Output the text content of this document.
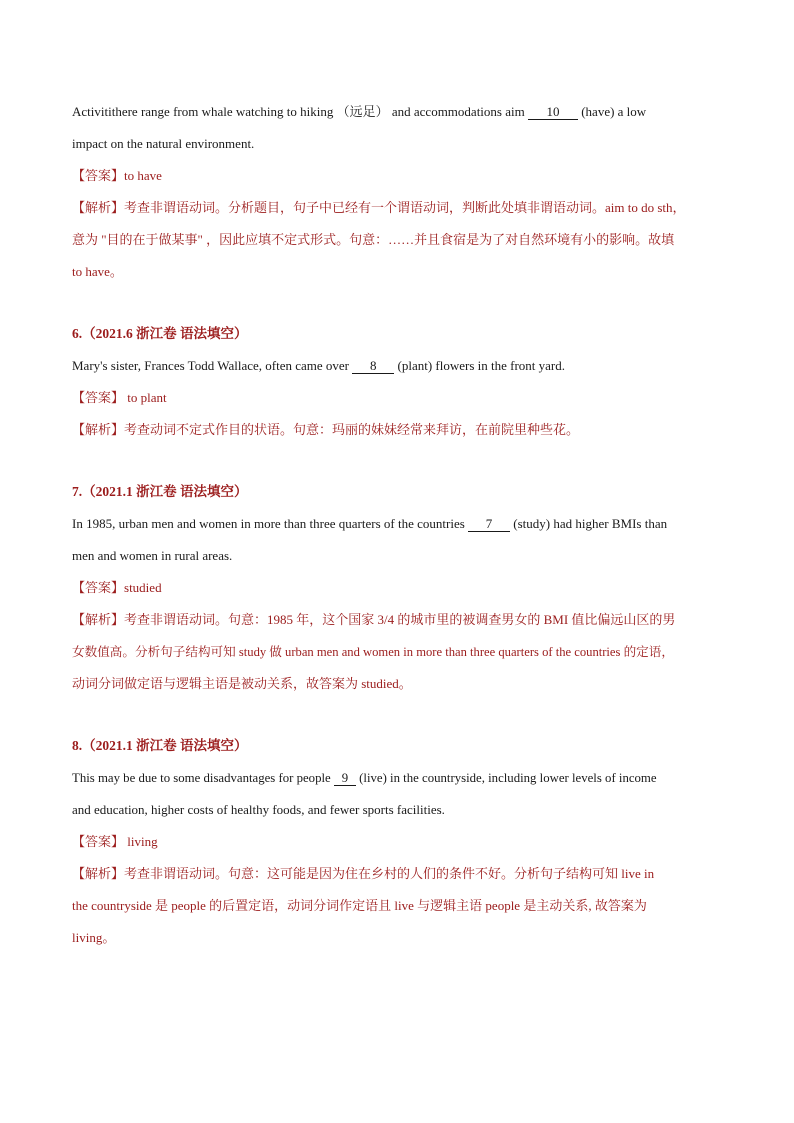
Activitithere range from whale watching to hiking （远足） and accommodations aim 10 (have) a low
impact on the natural environment.
【答案】to have
【解析】考查非谓语动词。分析题目，句子中已经有一个谓语动词，判断此处填非谓语动词。aim to do sth，
意为 "目的在于做某事" ，因此应填不定式形式。句意：……并且食宿是为了对自然环境有小的影响。故填
to have。
6.（2021.6 浙江卷 语法填空）
Mary's sister, Frances Todd Wallace, often came over 8 (plant) flowers in the front yard.
【答案】 to plant
【解析】考查动词不定式作目的状语。句意：玛丽的妹妹经常来拜访，在前院里种些花。
7.（2021.1 浙江卷 语法填空）
In 1985, urban men and women in more than three quarters of the countries 7 (study) had higher BMIs than
men and women in rural areas.
【答案】studied
【解析】考查非谓语动词。句意：1985 年，这个国家 3/4 的城市里的被调查男女的 BMI 值比偏远山区的男
女数值高。分析句子结构可知 study 做 urban men and women in more than three quarters of the countries 的定语，
动词分词做定语与逻辑主语是被动关系，故答案为 studied。
8.（2021.1 浙江卷 语法填空）
This may be due to some disadvantages for people 9 (live) in the countryside, including lower levels of income
and education, higher costs of healthy foods, and fewer sports facilities.
【答案】 living
【解析】考查非谓语动词。句意：这可能是因为住在乡村的人们的条件不好。分析句子结构可知 live in
the countryside 是 people 的后置定语，动词分词作定语且 live 与逻辑主语 people 是主动关系, 故答案为
living。
